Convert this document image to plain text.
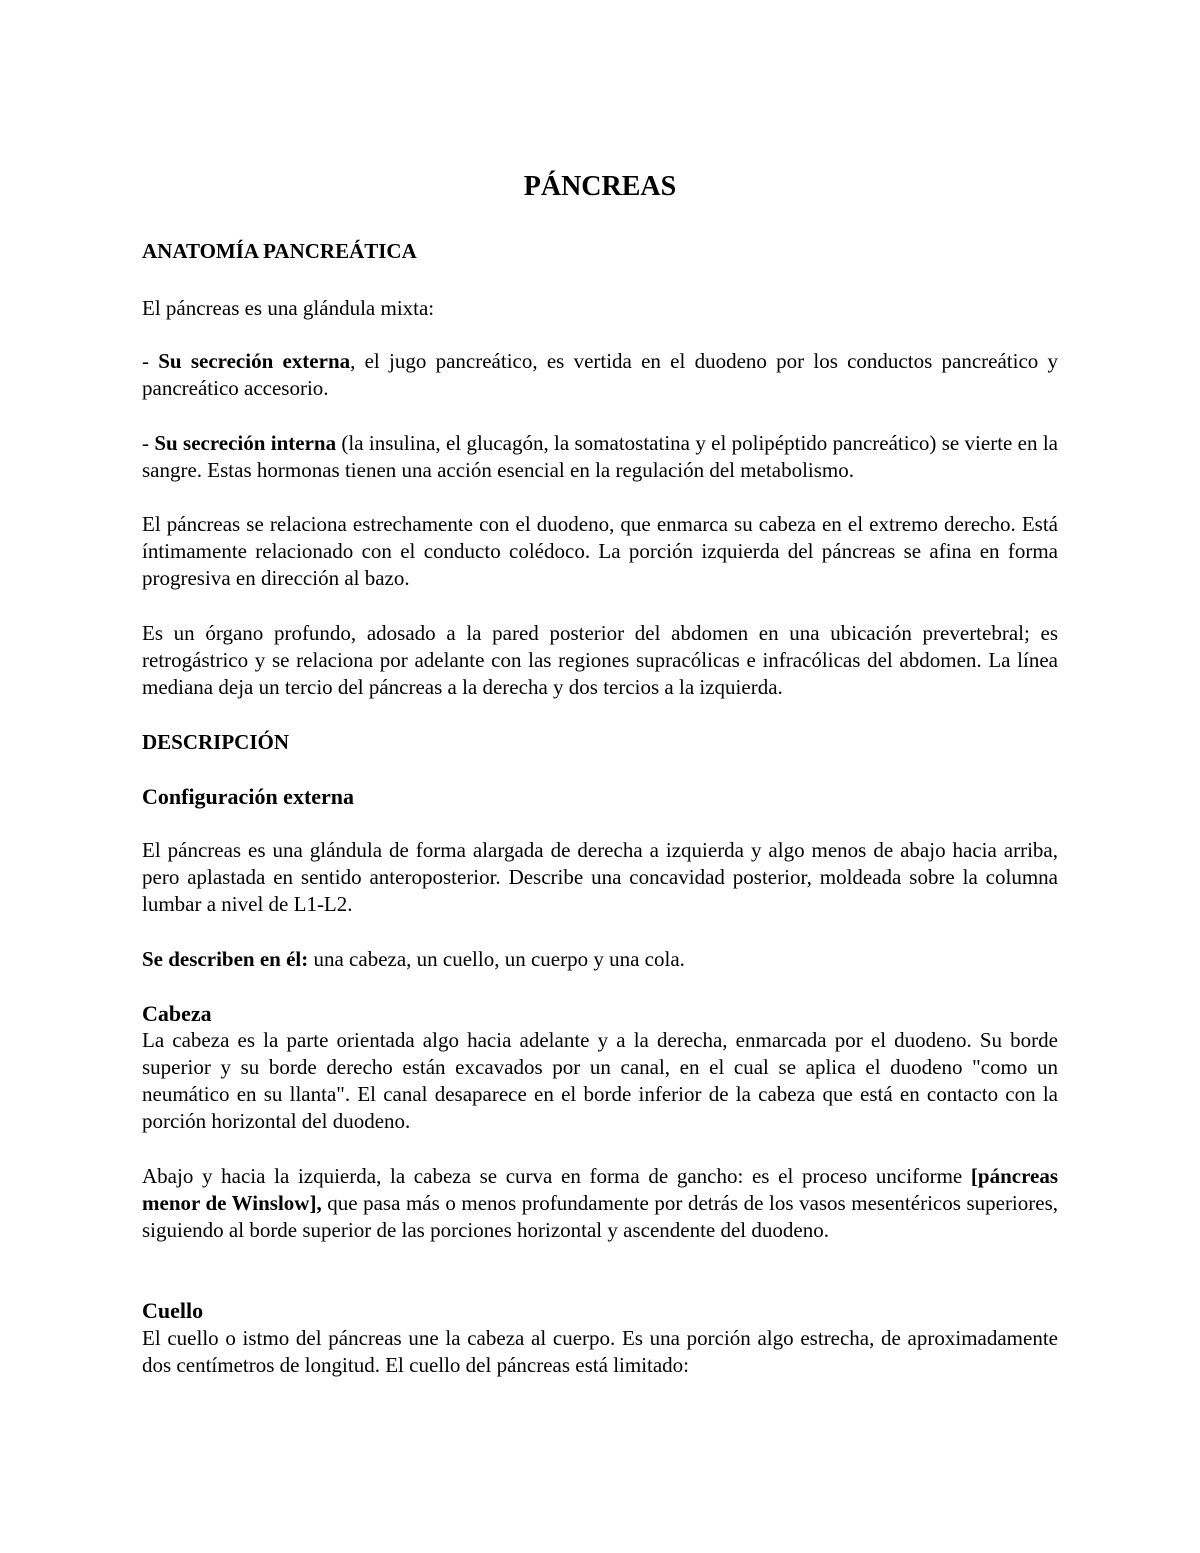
PÁNCREAS
ANATOMÍA PANCREÁTICA
El páncreas es una glándula mixta:
- Su secreción externa, el jugo pancreático, es vertida en el duodeno por los conductos pancreático y pancreático accesorio.
- Su secreción interna (la insulina, el glucagón, la somatostatina y el polipéptido pancreático) se vierte en la sangre. Estas hormonas tienen una acción esencial en la regulación del metabolismo.
El páncreas se relaciona estrechamente con el duodeno, que enmarca su cabeza en el extremo derecho. Está íntimamente relacionado con el conducto colédoco. La porción izquierda del páncreas se afina en forma progresiva en dirección al bazo.
Es un órgano profundo, adosado a la pared posterior del abdomen en una ubicación prevertebral; es retrogástrico y se relaciona por adelante con las regiones supracólicas e infracólicas del abdomen. La línea mediana deja un tercio del páncreas a la derecha y dos tercios a la izquierda.
DESCRIPCIÓN
Configuración externa
El páncreas es una glándula de forma alargada de derecha a izquierda y algo menos de abajo hacia arriba, pero aplastada en sentido anteroposterior. Describe una concavidad posterior, moldeada sobre la columna lumbar a nivel de L1-L2.
Se describen en él: una cabeza, un cuello, un cuerpo y una cola.
Cabeza
La cabeza es la parte orientada algo hacia adelante y a la derecha, enmarcada por el duodeno. Su borde superior y su borde derecho están excavados por un canal, en el cual se aplica el duodeno "como un neumático en su llanta". El canal desaparece en el borde inferior de la cabeza que está en contacto con la porción horizontal del duodeno.
Abajo y hacia la izquierda, la cabeza se curva en forma de gancho: es el proceso unciforme [páncreas menor de Winslow], que pasa más o menos profundamente por detrás de los vasos mesentéricos superiores, siguiendo al borde superior de las porciones horizontal y ascendente del duodeno.
Cuello
El cuello o istmo del páncreas une la cabeza al cuerpo. Es una porción algo estrecha, de aproximadamente dos centímetros de longitud. El cuello del páncreas está limitado:
